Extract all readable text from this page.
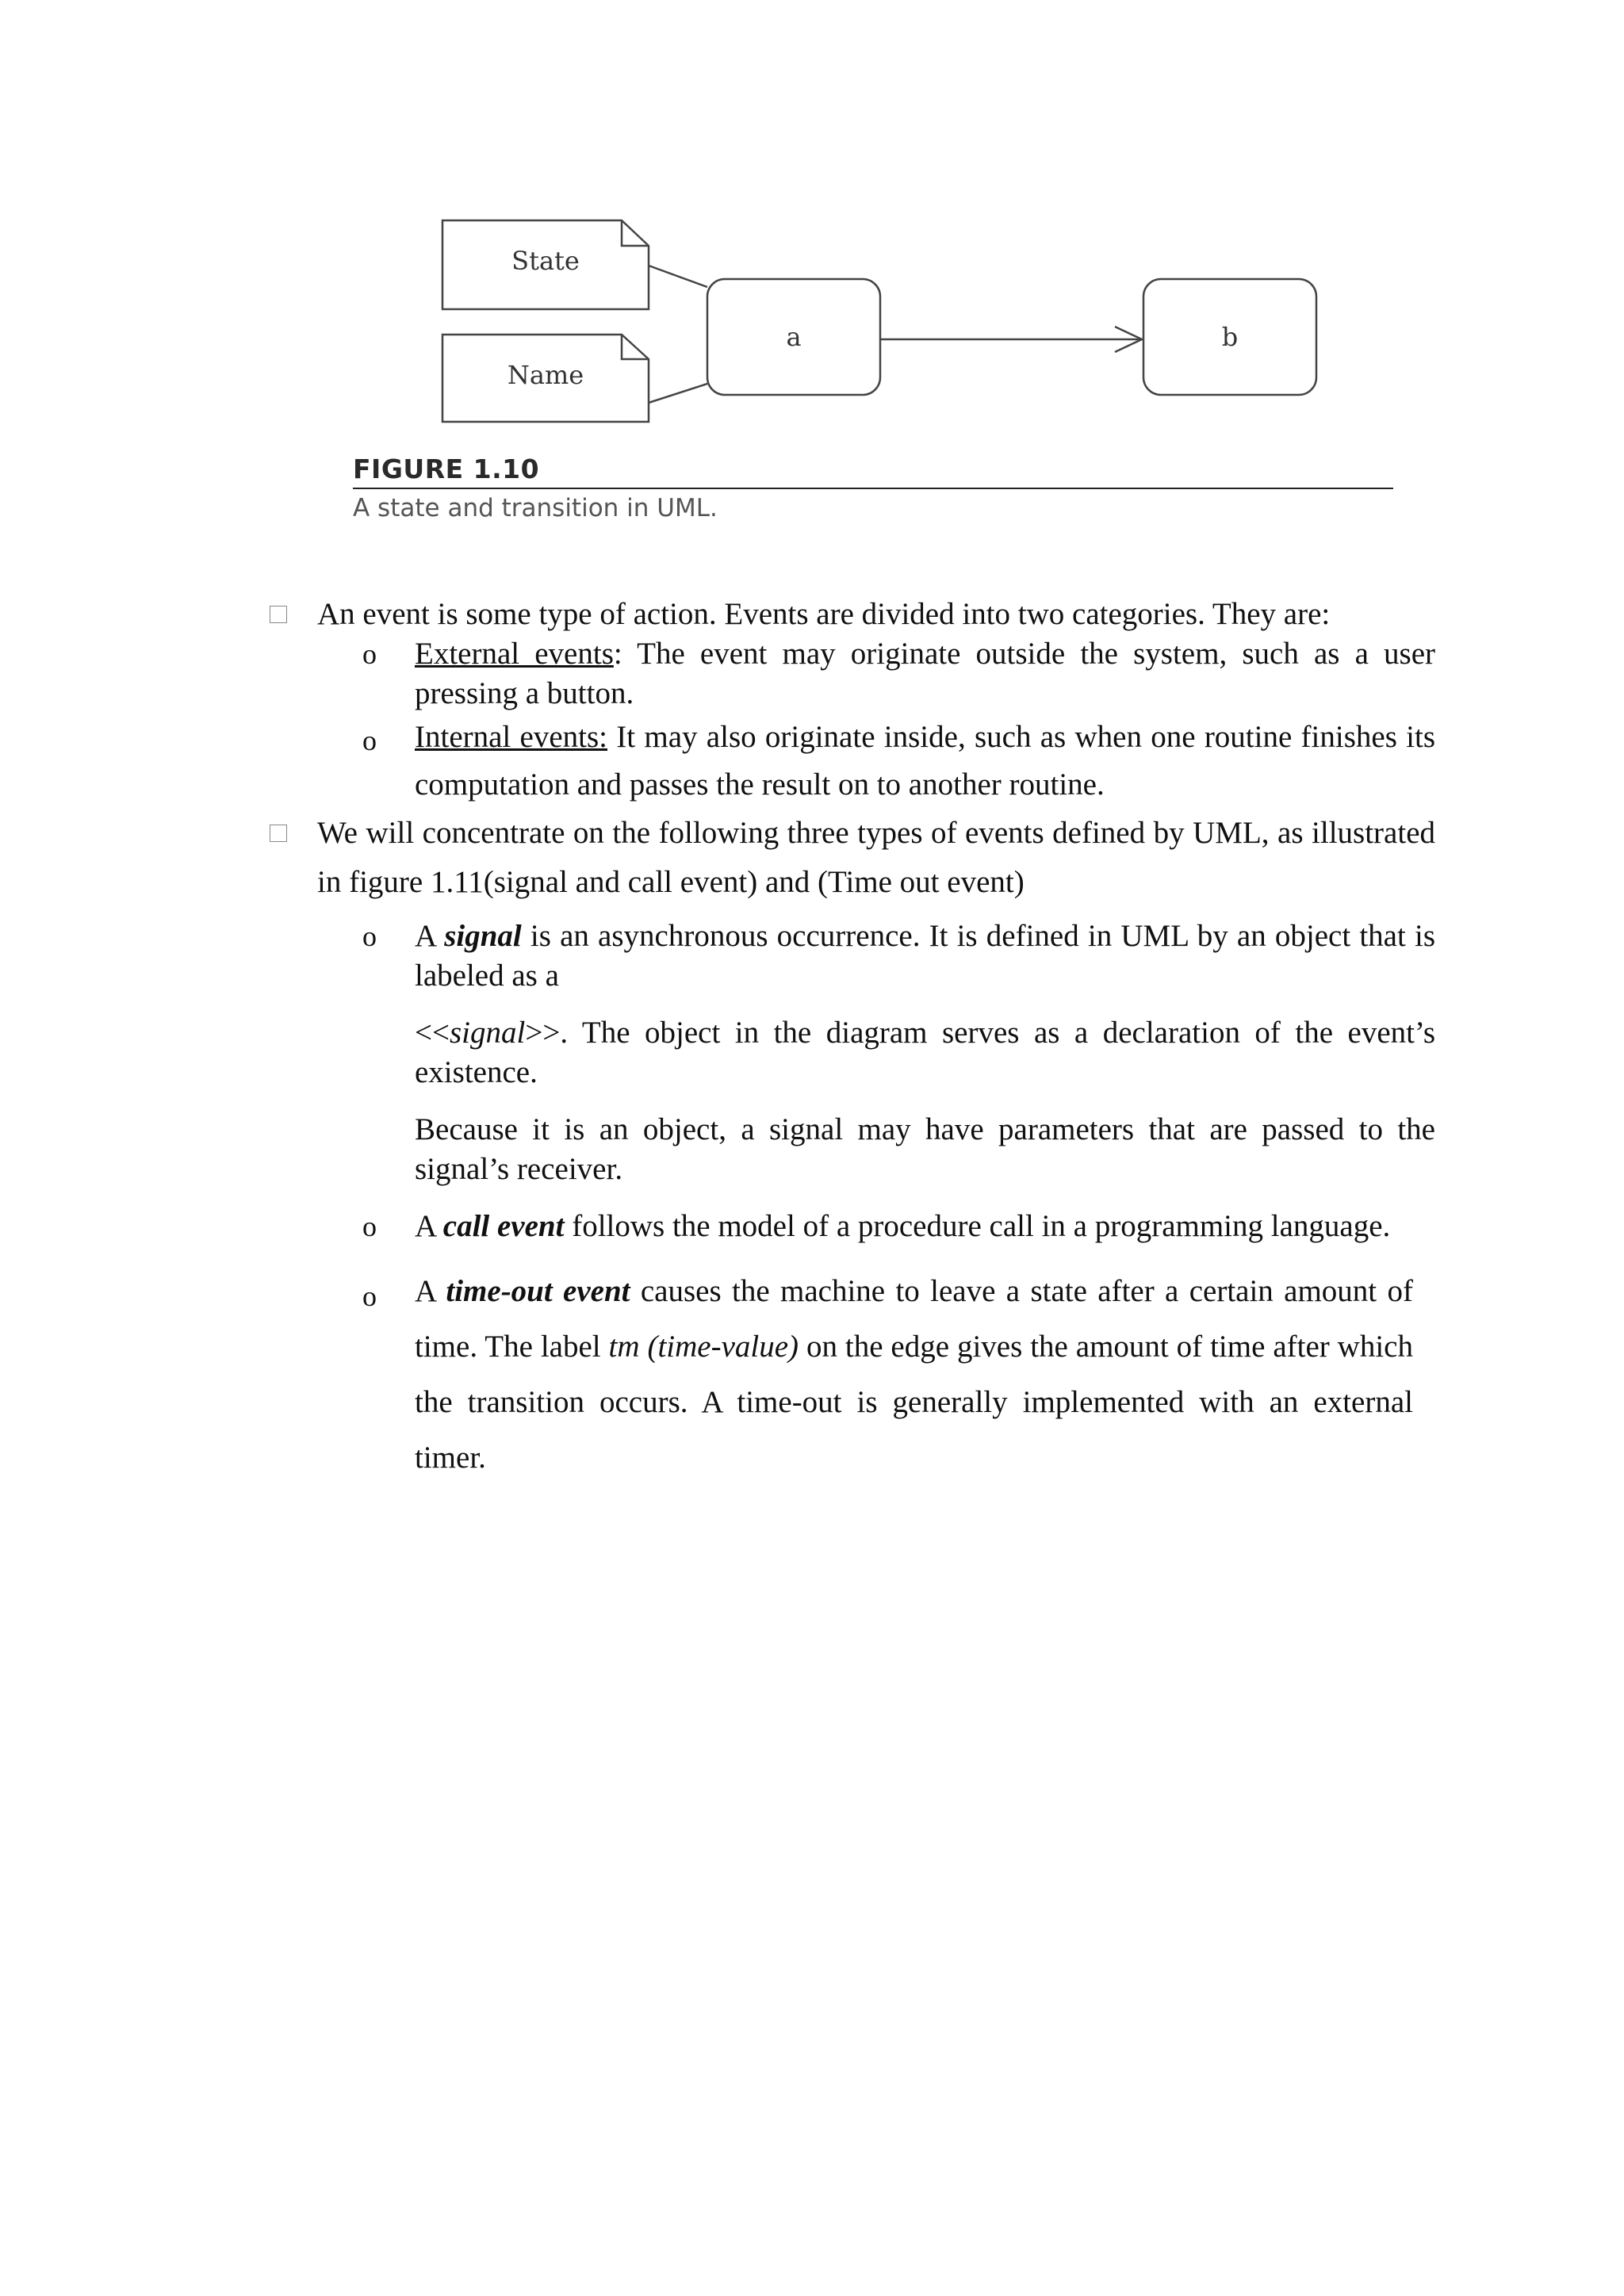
State
Name
a	b
FIGURE 1.10
A state and transition in UML.
An event is some type of action. Events are divided into two categories. They are:
o External events: The event may originate outside the system, such as a user pressing a button.
o Internal events: It may also originate inside, such as when one routine finishes its computation and passes the result on to another routine.
We will concentrate on the following three types of events defined by UML, as illustrated in figure 1.11(signal and call event) and (Time out event)
o A signal is an asynchronous occurrence. It is defined in UML by an object that is labeled as a
<<signal>>. The object in the diagram serves as a declaration of the event’s existence.
Because it is an object, a signal may have parameters that are passed to the signal’s receiver.
o A call event follows the model of a procedure call in a programming language.
o A time-out event causes the machine to leave a state after a certain amount of time. The label tm (time-value) on the edge gives the amount of time after which the transition occurs. A time-out is generally implemented with an external timer.
